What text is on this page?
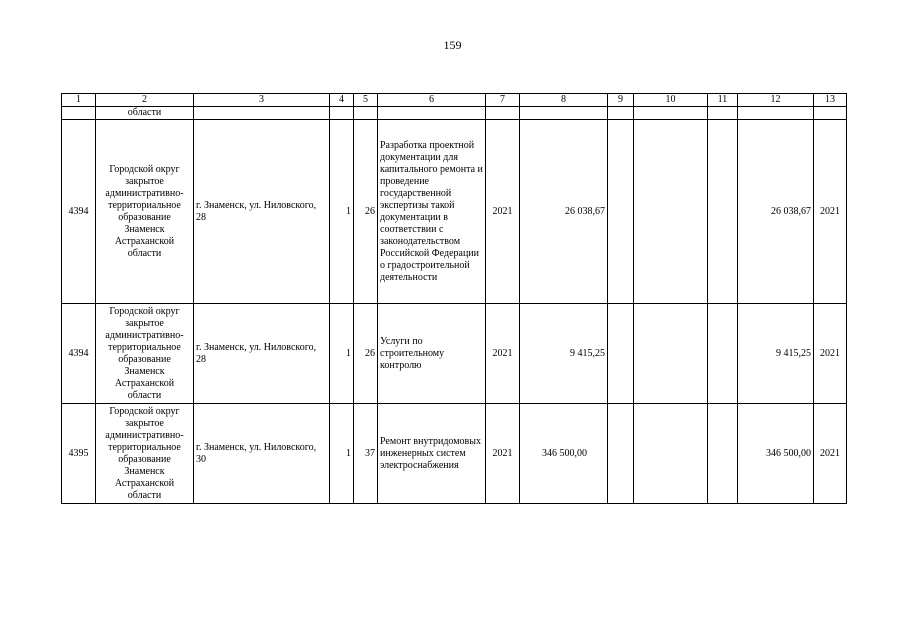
159
1	2	3	4	5	6	7	8	9	10	11	12	13
	области											
4394	Городской округ закрытое административно-территориальное образование Знаменск Астраханской области	г. Знаменск, ул. Ниловского, 28	1	26	Разработка проектной документации для капитального ремонта и проведение государственной экспертизы такой документации в соответствии с законодательством Российской Федерации о градостроительной деятельности	2021	26 038,67				26 038,67	2021
4394	Городской округ закрытое административно-территориальное образование Знаменск Астраханской области	г. Знаменск, ул. Ниловского, 28	1	26	Услуги по строительному контролю	2021	9 415,25				9 415,25	2021
4395	Городской округ закрытое административно-территориальное образование Знаменск Астраханской области	г. Знаменск, ул. Ниловского, 30	1	37	Ремонт внутридомовых инженерных систем электроснабжения	2021	346 500,00				346 500,00	2021
